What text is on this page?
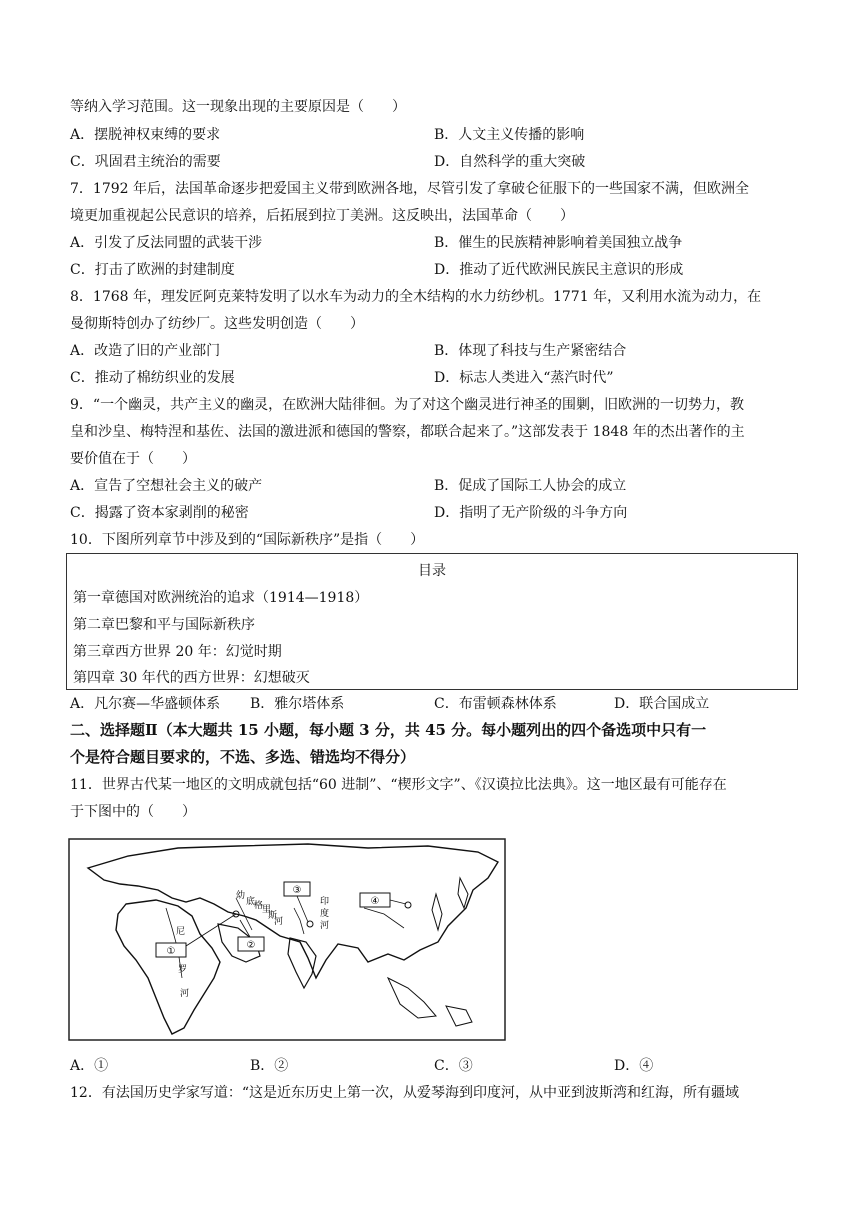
等纳入学习范围。这一现象出现的主要原因是（　　）
A．摆脱神权束缚的要求	B．人文主义传播的影响
C．巩固君主统治的需要	D．自然科学的重大突破
7．1792 年后，法国革命逐步把爱国主义带到欧洲各地，尽管引发了拿破仑征服下的一些国家不满，但欧洲全
境更加重视起公民意识的培养，后拓展到拉丁美洲。这反映出，法国革命（　　）
A．引发了反法同盟的武装干涉	B．催生的民族精神影响着美国独立战争
C．打击了欧洲的封建制度	D．推动了近代欧洲民族民主意识的形成
8．1768 年，理发匠阿克莱特发明了以水车为动力的全木结构的水力纺纱机。1771 年，又利用水流为动力，在
曼彻斯特创办了纺纱厂。这些发明创造（　　）
A．改造了旧的产业部门	B．体现了科技与生产紧密结合
C．推动了棉纺织业的发展	D．标志人类进入“蒸汽时代”
9．“一个幽灵，共产主义的幽灵，在欧洲大陆徘徊。为了对这个幽灵进行神圣的围剿，旧欧洲的一切势力，教
皇和沙皇、梅特涅和基佐、法国的激进派和德国的警察，都联合起来了。”这部发表于 1848 年的杰出著作的主
要价值在于（　　）
A．宣告了空想社会主义的破产	B．促成了国际工人协会的成立
C．揭露了资本家剥削的秘密	D．指明了无产阶级的斗争方向
10．下图所列章节中涉及到的“国际新秩序”是指（　　）
目录
第一章德国对欧洲统治的追求（1914—1918）
第二章巴黎和平与国际新秩序
第三章西方世界 20 年：幻觉时期
第四章 30 年代的西方世界：幻想破灭
A．凡尔赛—华盛顿体系 B．雅尔塔体系	C．布雷顿森林体系	D．联合国成立
二、选择题Ⅱ（本大题共 15 小题，每小题 3 分，共 45 分。每小题列出的四个备选项中只有一
个是符合题目要求的，不选、多选、错选均不得分）
11．世界古代某一地区的文明成就包括“60 进制”、“楔形文字”、《汉谟拉比法典》。这一地区最有可能存在
于下图中的（　　）
①
②
③
④
尼
罗
河
幼
底
格
里
斯
河
印
度
河
A．①	B．②	C．③	D．④
12．有法国历史学家写道：“这是近东历史上第一次，从爱琴海到印度河，从中亚到波斯湾和红海，所有疆域
